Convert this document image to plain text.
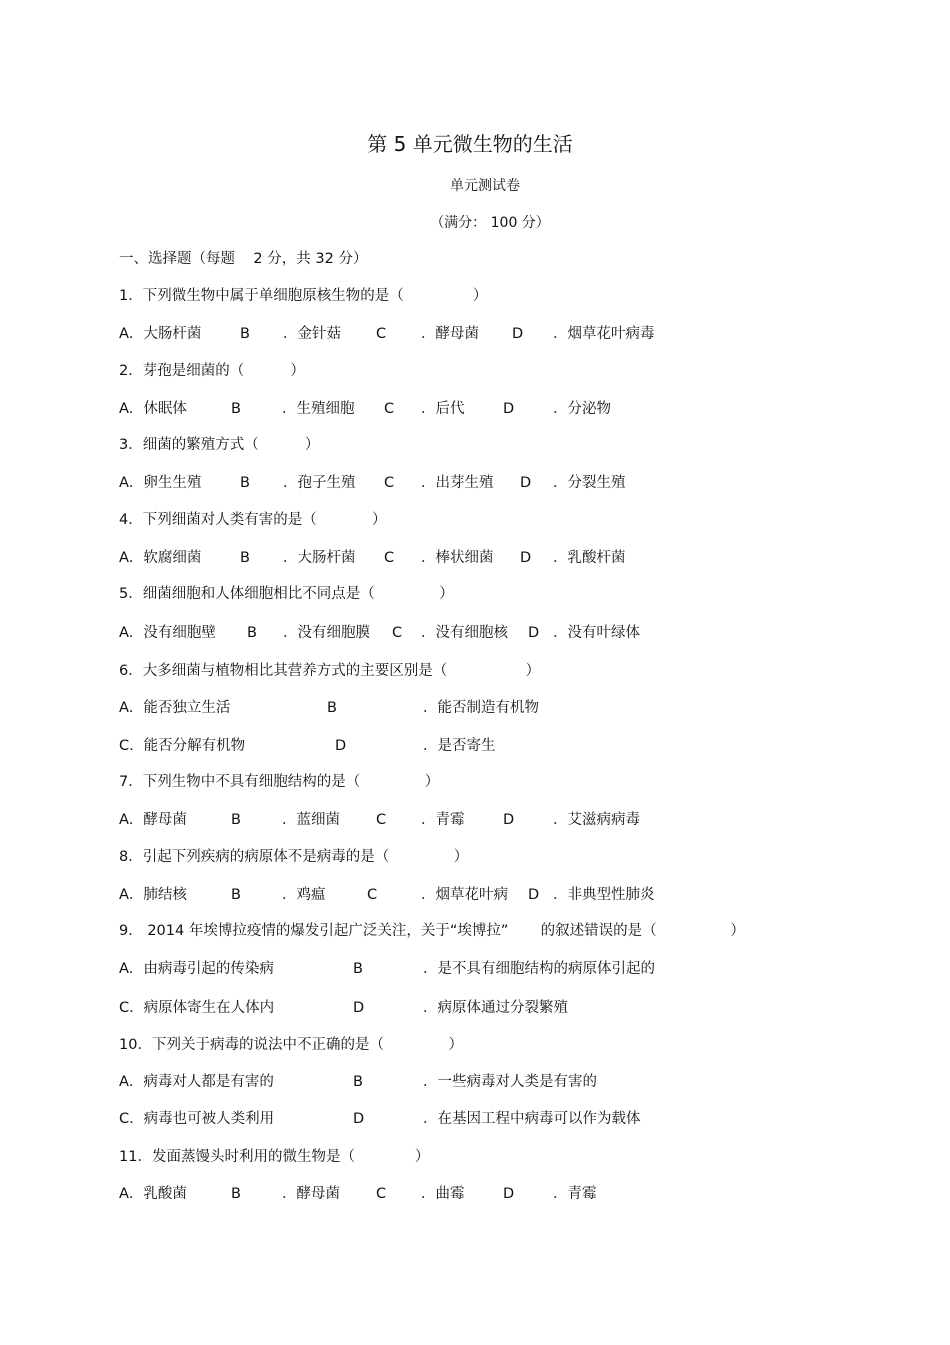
第 5 单元微生物的生活
单元测试卷
（满分： 100 分）
一、选择题（每题    2 分，共 32 分）
1．下列微生物中属于单细胞原核生物的是（               ）
A．大肠杆菌	B ．金针菇 C ．酵母菌 D ．烟草花叶病毒
2．芽孢是细菌的（          ）
A．休眠体	B	．生殖细胞 C ．后代	D	．分泌物
3．细菌的繁殖方式（          ）
A．卵生生殖	B ．孢子生殖 C ．出芽生殖 D ．分裂生殖
4．下列细菌对人类有害的是（            ）
A．软腐细菌	B ．大肠杆菌 C ．棒状细菌 D ．乳酸杆菌
5．细菌细胞和人体细胞相比不同点是（              ）
A．没有细胞壁 B ．没有细胞膜 C ．没有细胞核 D ．没有叶绿体
6．大多细菌与植物相比其营养方式的主要区别是（                 ）
A．能否独立生活	B	．能否制造有机物
C．能否分解有机物	D	．是否寄生
7．下列生物中不具有细胞结构的是（              ）
A．酵母菌	B	．蓝细菌 C ．青霉	D	．艾滋病病毒
8．引起下列疾病的病原体不是病毒的是（              ）
A．肺结核	B	．鸡瘟	C	．烟草花叶病 D ．非典型性肺炎
9． 2014 年埃博拉疫情的爆发引起广泛关注，关于“埃博拉”       的叙述错误的是（                ）
A．由病毒引起的传染病	B	．是不具有细胞结构的病原体引起的
C．病原体寄生在人体内	D	．病原体通过分裂繁殖
10．下列关于病毒的说法中不正确的是（              ）
A．病毒对人都是有害的	B	．一些病毒对人类是有害的
C．病毒也可被人类利用	D	．在基因工程中病毒可以作为载体
11．发面蒸馒头时利用的微生物是（             ）
A．乳酸菌	B	．酵母菌 C ．曲霉	D	．青霉
